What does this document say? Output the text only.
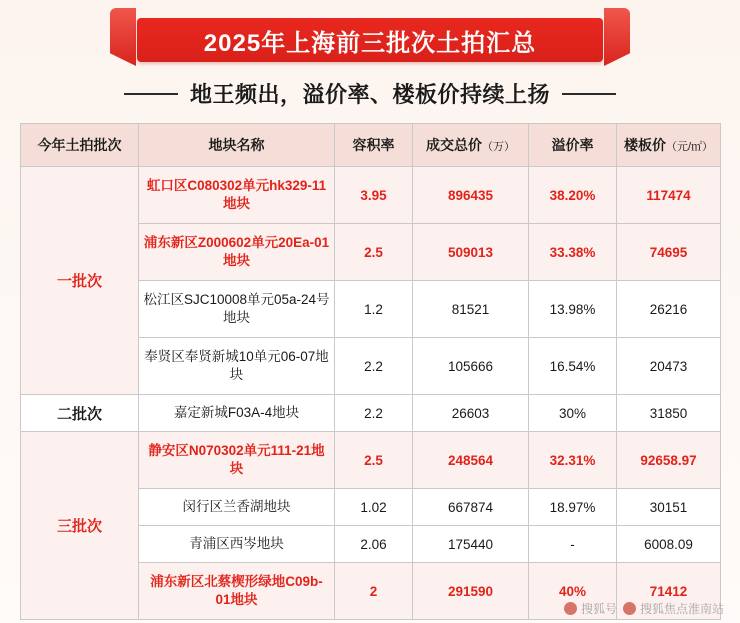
2025年上海前三批次土拍汇总
地王频出，溢价率、楼板价持续上扬
今年土拍批次	地块名称	容积率	成交总价（万）	溢价率	楼板价（元/㎡）
一批次	虹口区C080302单元hk329-11地块	3.95	896435	38.20%	117474
	浦东新区Z000602单元20Ea-01地块	2.5	509013	33.38%	74695
	松江区SJC10008单元05a-24号地块	1.2	81521	13.98%	26216
	奉贤区奉贤新城10单元06-07地块	2.2	105666	16.54%	20473
二批次	嘉定新城F03A-4地块	2.2	26603	30%	31850
三批次	静安区N070302单元111-21地块	2.5	248564	32.31%	92658.97
	闵行区兰香湖地块	1.02	667874	18.97%	30151
	青浦区西岑地块	2.06	175440	-	6008.09
	浦东新区北蔡楔形绿地C09b-01地块	2	291590	40%	71412
搜狐号 搜狐焦点淮南站
